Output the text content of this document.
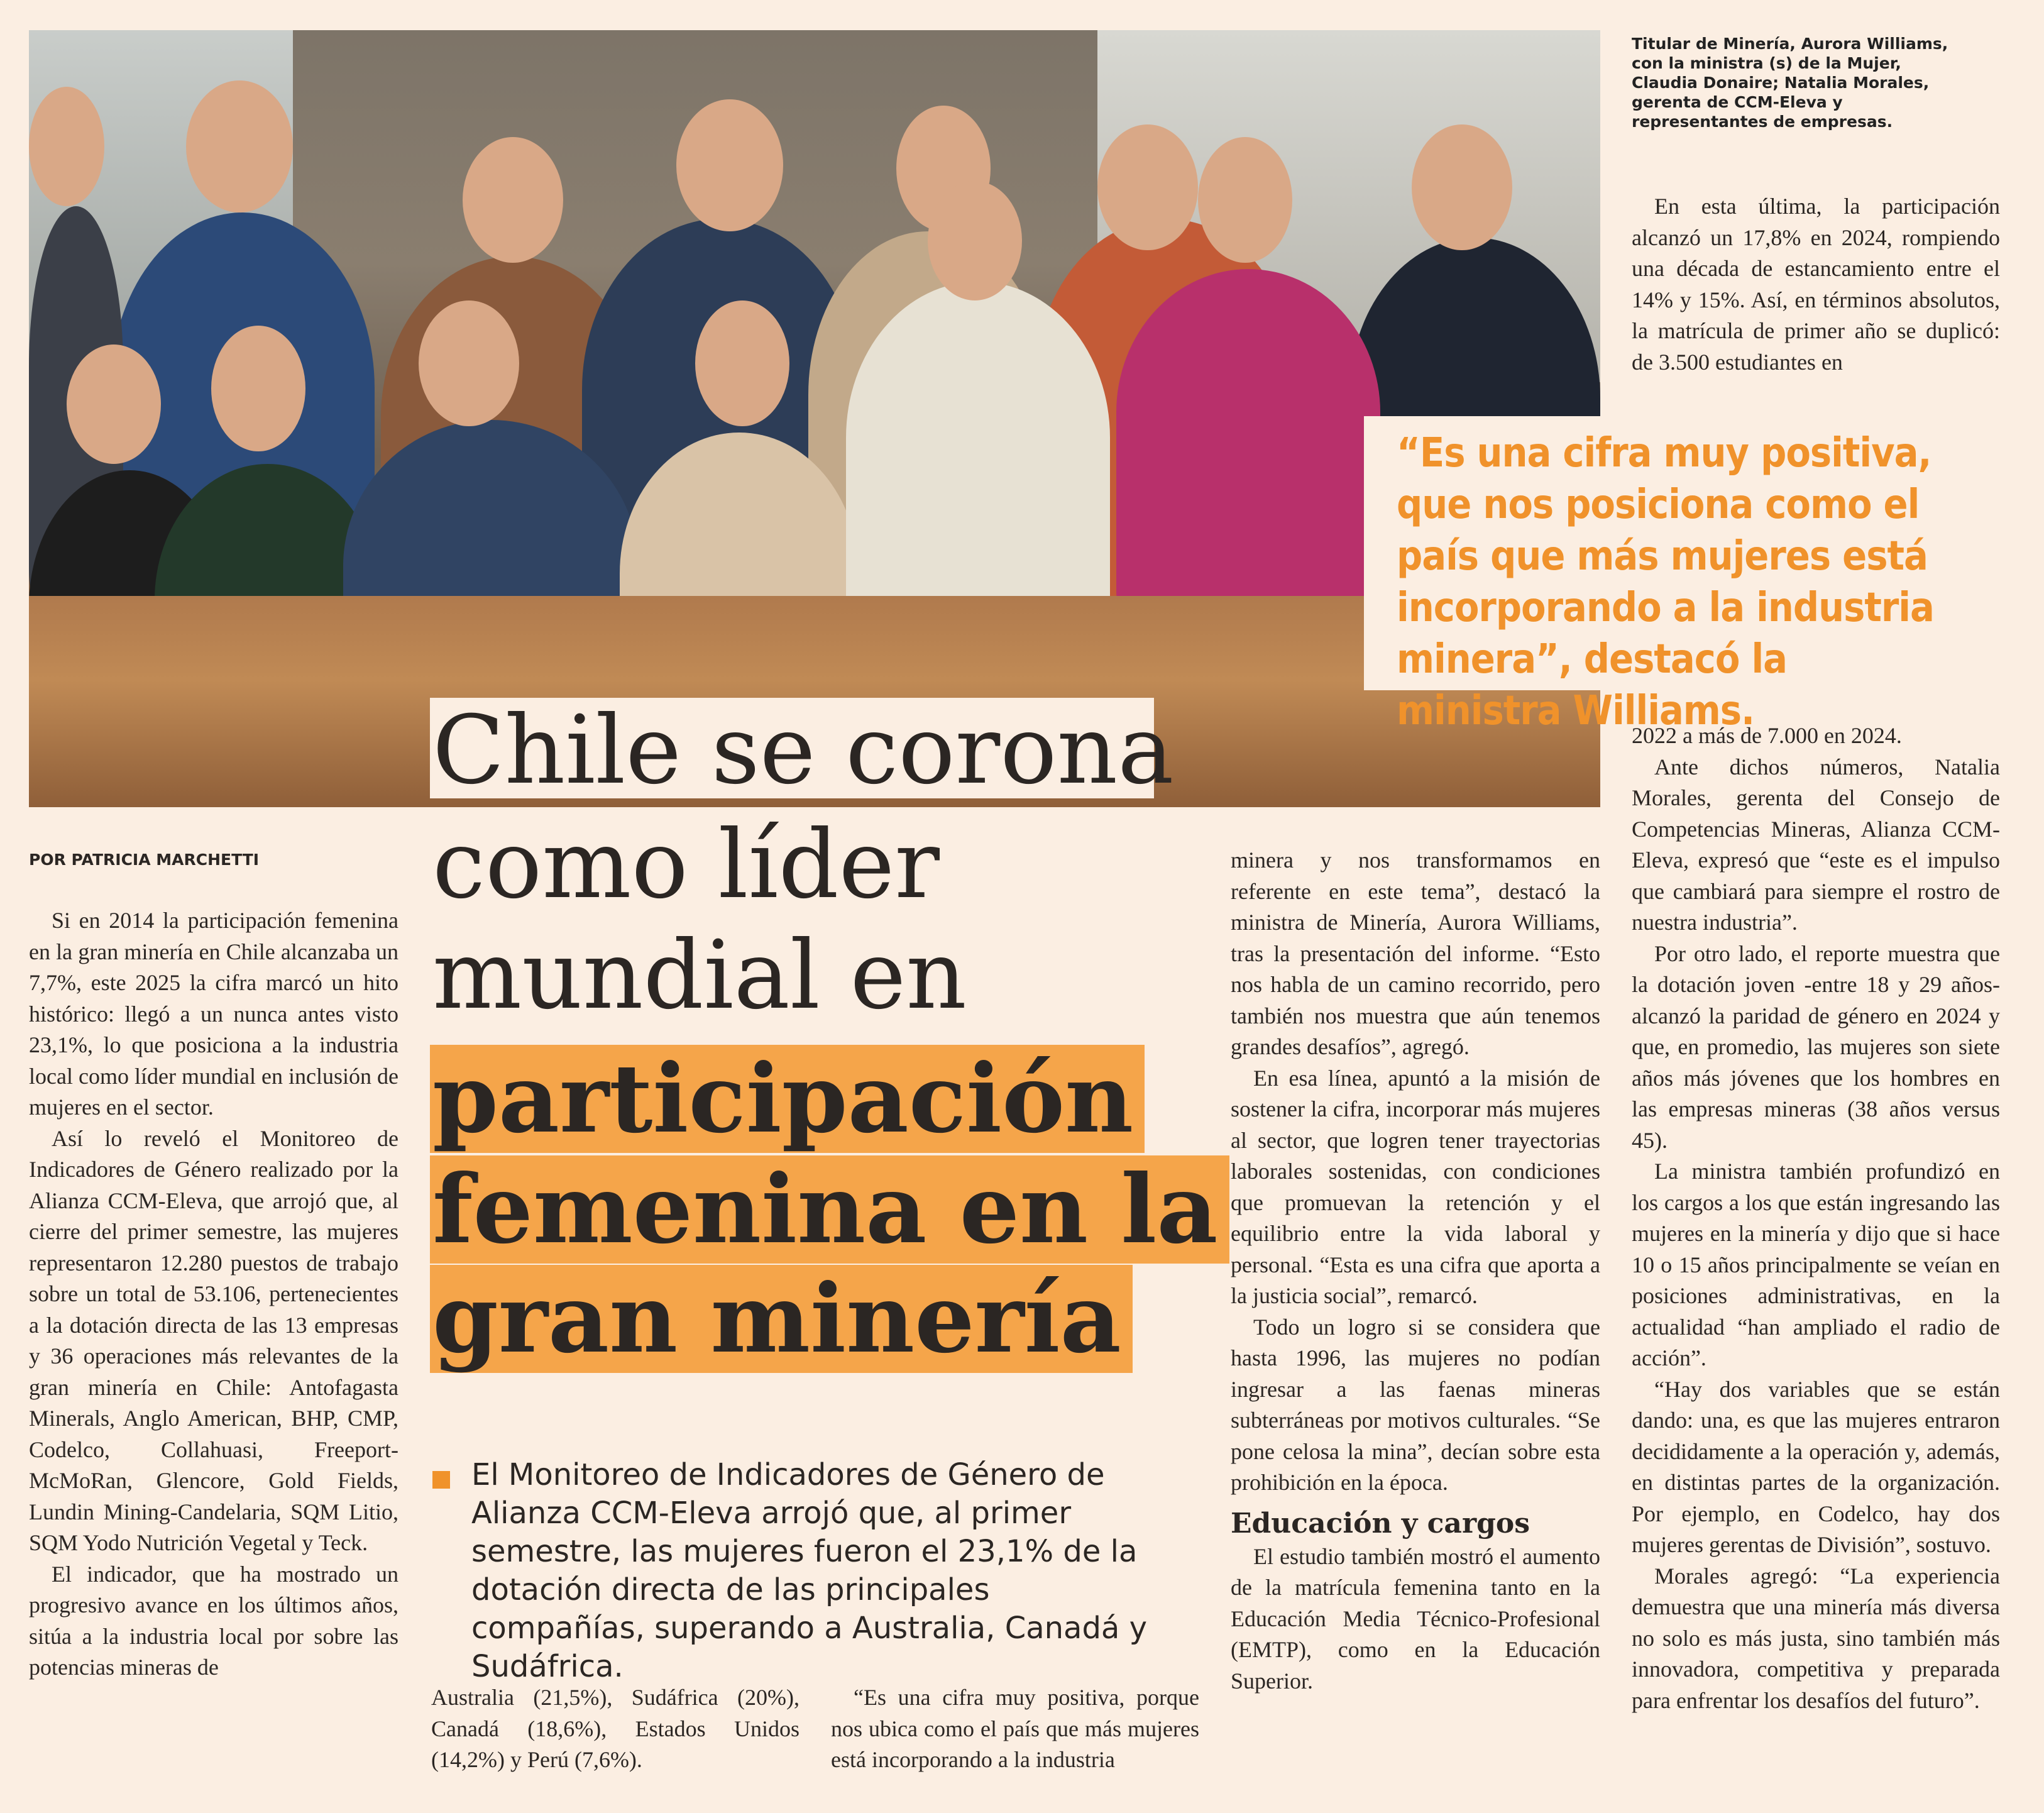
Titular de Minería, Aurora Williams, con la ministra (s) de la Mujer, Claudia Donaire; Natalia Morales, gerenta de CCM-Eleva y representantes de empresas.

En esta última, la participación alcanzó un 17,8% en 2024, rompiendo una década de estancamiento entre el 14% y 15%. Así, en términos absolutos, la matrícula de primer año se duplicó: de 3.500 estudiantes en

“Es una cifra muy positiva, que nos posiciona como el país que más mujeres está incorporando a la industria minera”, destacó la ministra Williams.
Chile se corona
como líder
mundial en
participación
femenina en la
gran minería
POR PATRICIA MARCHETTI

Si en 2014 la participación femenina en la gran minería en Chile alcanzaba un 7,7%, este 2025 la cifra marcó un hito histórico: llegó a un nunca antes visto 23,1%, lo que posiciona a la industria local como líder mundial en inclusión de mujeres en el sector.

Así lo reveló el Monitoreo de Indicadores de Género realizado por la Alianza CCM-Eleva, que arrojó que, al cierre del primer semestre, las mujeres representaron 12.280 puestos de trabajo sobre un total de 53.106, pertenecientes a la dotación directa de las 13 empresas y 36 operaciones más relevantes de la gran minería en Chile: Antofagasta Minerals, Anglo American, BHP, CMP, Codelco, Collahuasi, Freeport-McMoRan, Glencore, Gold Fields, Lundin Mining-Candelaria, SQM Litio, SQM Yodo Nutrición Vegetal y Teck.

El indicador, que ha mostrado un progresivo avance en los últimos años, sitúa a la industria local por sobre las potencias mineras de

El Monitoreo de Indicadores de Género de Alianza CCM-Eleva arrojó que, al primer semestre, las mujeres fueron el 23,1% de la dotación directa de las principales compañías, superando a Australia, Canadá y Sudáfrica.

Australia (21,5%), Sudáfrica (20%), Canadá (18,6%), Estados Unidos (14,2%) y Perú (7,6%).

“Es una cifra muy positiva, porque nos ubica como el país que más mujeres está incorporando a la industria

minera y nos transformamos en referente en este tema”, destacó la ministra de Minería, Aurora Williams, tras la presentación del informe. “Esto nos habla de un camino recorrido, pero también nos muestra que aún tenemos grandes desafíos”, agregó.

En esa línea, apuntó a la misión de sostener la cifra, incorporar más mujeres al sector, que logren tener trayectorias laborales sostenidas, con condiciones que promuevan la retención y el equilibrio entre la vida laboral y personal. “Esta es una cifra que aporta a la justicia social”, remarcó.

Todo un logro si se considera que hasta 1996, las mujeres no podían ingresar a las faenas mineras subterráneas por motivos culturales. “Se pone celosa la mina”, decían sobre esta prohibición en la época.

Educación y cargos

El estudio también mostró el aumento de la matrícula femenina tanto en la Educación Media Técnico-Profesional (EMTP), como en la Educación Superior.

2022 a más de 7.000 en 2024.

Ante dichos números, Natalia Morales, gerenta del Consejo de Competencias Mineras, Alianza CCM-Eleva, expresó que “este es el impulso que cambiará para siempre el rostro de nuestra industria”.

Por otro lado, el reporte muestra que la dotación joven -entre 18 y 29 años- alcanzó la paridad de género en 2024 y que, en promedio, las mujeres son siete años más jóvenes que los hombres en las empresas mineras (38 años versus 45).

La ministra también profundizó en los cargos a los que están ingresando las mujeres en la minería y dijo que si hace 10 o 15 años principalmente se veían en posiciones administrativas, en la actualidad “han ampliado el radio de acción”.

“Hay dos variables que se están dando: una, es que las mujeres entraron decididamente a la operación y, además, en distintas partes de la organización. Por ejemplo, en Codelco, hay dos mujeres gerentas de División”, sostuvo.

Morales agregó: “La experiencia demuestra que una minería más diversa no solo es más justa, sino también más innovadora, competitiva y preparada para enfrentar los desafíos del futuro”.
